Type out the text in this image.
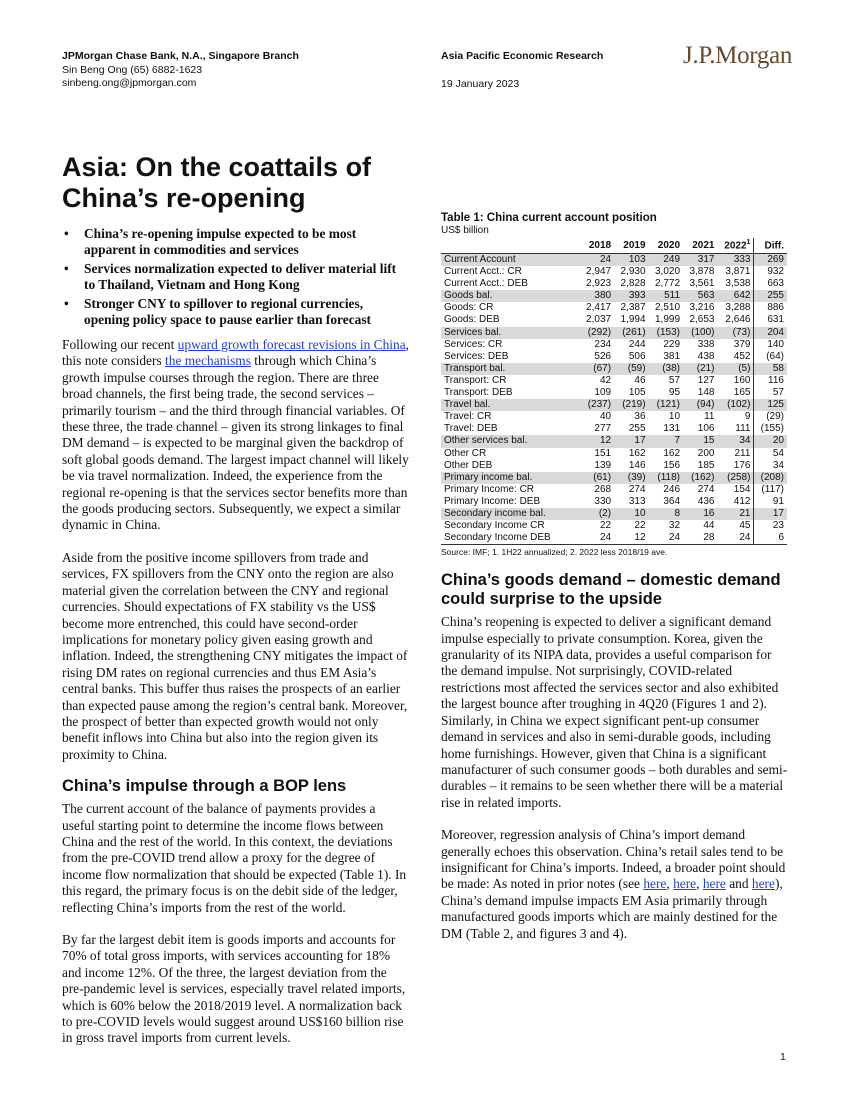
JPMorgan Chase Bank, N.A., Singapore Branch
Sin Beng Ong (65) 6882-1623
sinbeng.ong@jpmorgan.com
Asia Pacific Economic Research
19 January 2023
J.P.Morgan
Asia: On the coattails of China’s re-opening
• China’s re-opening impulse expected to be most apparent in commodities and services
• Services normalization expected to deliver material lift to Thailand, Vietnam and Hong Kong
• Stronger CNY to spillover to regional currencies, opening policy space to pause earlier than forecast

Following our recent upward growth forecast revisions in China, this note considers the mechanisms through which China’s growth impulse courses through the region. There are three broad channels, the first being trade, the second services – primarily tourism – and the third through financial variables. Of these three, the trade channel – given its strong linkages to final DM demand – is expected to be marginal given the backdrop of soft global goods demand. The largest impact channel will likely be via travel normalization. Indeed, the experience from the regional re-opening is that the services sector benefits more than the goods producing sectors. Subsequently, we expect a similar dynamic in China.

Aside from the positive income spillovers from trade and services, FX spillovers from the CNY onto the region are also material given the correlation between the CNY and regional currencies. Should expectations of FX stability vs the US$ become more entrenched, this could have second-order implications for monetary policy given easing growth and inflation. Indeed, the strengthening CNY mitigates the impact of rising DM rates on regional currencies and thus EM Asia’s central banks. This buffer thus raises the prospects of an earlier than expected pause among the region’s central bank. Moreover, the prospect of better than expected growth would not only benefit inflows into China but also into the region given its proximity to China.

China’s impulse through a BOP lens

The current account of the balance of payments provides a useful starting point to determine the income flows between China and the rest of the world. In this context, the deviations from the pre-COVID trend allow a proxy for the degree of income flow normalization that should be expected (Table 1). In this regard, the primary focus is on the debit side of the ledger, reflecting China’s imports from the rest of the world.

By far the largest debit item is goods imports and accounts for 70% of total gross imports, with services accounting for 18% and income 12%. Of the three, the largest deviation from the pre-pandemic level is services, especially travel related imports, which is 60% below the 2018/2019 level. A normalization back to pre-COVID levels would suggest around US$160 billion rise in gross travel imports from current levels.

Table 1: China current account position
US$ billion
	2018	2019	2020	2021	2022$^1$	Diff.
Current Account	24	103	249	317	333	269
Current Acct.: CR	2,947	2,930	3,020	3,878	3,871	932
Current Acct.: DEB	2,923	2,828	2,772	3,561	3,538	663
Goods bal.	380	393	511	563	642	255
Goods: CR	2,417	2,387	2,510	3,216	3,288	886
Goods: DEB	2,037	1,994	1,999	2,653	2,646	631
Services bal.	(292)	(261)	(153)	(100)	(73)	204
Services: CR	234	244	229	338	379	140
Services: DEB	526	506	381	438	452	(64)
Transport bal.	(67)	(59)	(38)	(21)	(5)	58
Transport: CR	42	46	57	127	160	116
Transport: DEB	109	105	95	148	165	57
Travel bal.	(237)	(219)	(121)	(94)	(102)	125
Travel: CR	40	36	10	11	9	(29)
Travel: DEB	277	255	131	106	111	(155)
Other services bal.	12	17	7	15	34	20
Other CR	151	162	162	200	211	54
Other DEB	139	146	156	185	176	34
Primary income bal.	(61)	(39)	(118)	(162)	(258)	(208)
Primary Income: CR	268	274	246	274	154	(117)
Primary Income: DEB	330	313	364	436	412	91
Secondary income bal.	(2)	10	8	16	21	17
Secondary Income CR	22	22	32	44	45	23
Secondary Income DEB	24	12	24	28	24	6
Source: IMF; 1. 1H22 annualized; 2. 2022 less 2018/19 ave.
China’s goods demand – domestic demand could surprise to the upside

China’s reopening is expected to deliver a significant demand impulse especially to private consumption. Korea, given the granularity of its NIPA data, provides a useful comparison for the demand impulse. Not surprisingly, COVID-related restrictions most affected the services sector and also exhibited the largest bounce after troughing in 4Q20 (Figures 1 and 2). Similarly, in China we expect significant pent-up consumer demand in services and also in semi-durable goods, including home furnishings. However, given that China is a significant manufacturer of such consumer goods – both durables and semi-durables – it remains to be seen whether there will be a material rise in related imports.

Moreover, regression analysis of China’s import demand generally echoes this observation. China’s retail sales tend to be insignificant for China’s imports. Indeed, a broader point should be made: As noted in prior notes (see here, here, here and here), China’s demand impulse impacts EM Asia primarily through manufactured goods imports which are mainly destined for the DM (Table 2, and figures 3 and 4).

1
